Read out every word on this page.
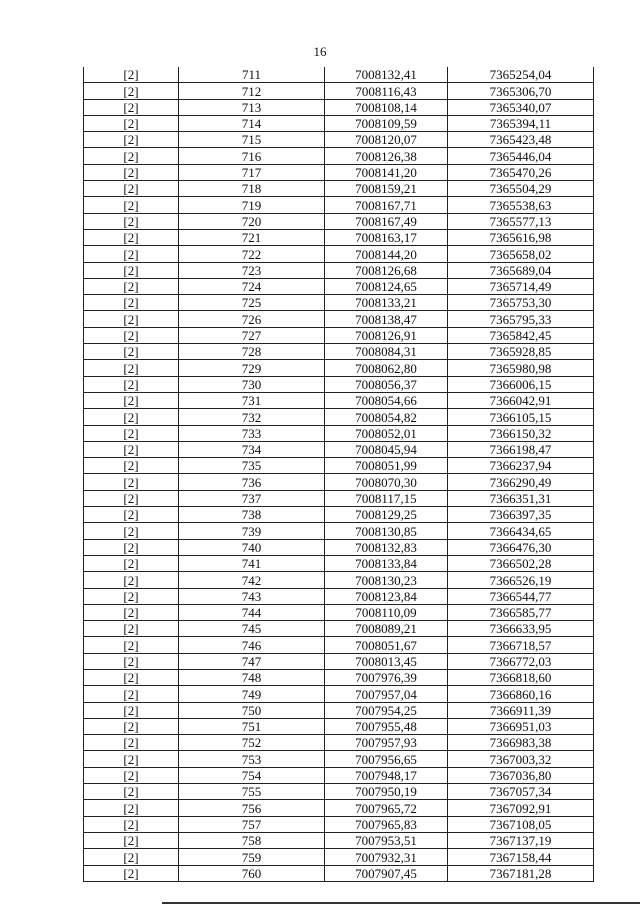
16
[2]	711	7008132,41	7365254,04
[2]	712	7008116,43	7365306,70
[2]	713	7008108,14	7365340,07
[2]	714	7008109,59	7365394,11
[2]	715	7008120,07	7365423,48
[2]	716	7008126,38	7365446,04
[2]	717	7008141,20	7365470,26
[2]	718	7008159,21	7365504,29
[2]	719	7008167,71	7365538,63
[2]	720	7008167,49	7365577,13
[2]	721	7008163,17	7365616,98
[2]	722	7008144,20	7365658,02
[2]	723	7008126,68	7365689,04
[2]	724	7008124,65	7365714,49
[2]	725	7008133,21	7365753,30
[2]	726	7008138,47	7365795,33
[2]	727	7008126,91	7365842,45
[2]	728	7008084,31	7365928,85
[2]	729	7008062,80	7365980,98
[2]	730	7008056,37	7366006,15
[2]	731	7008054,66	7366042,91
[2]	732	7008054,82	7366105,15
[2]	733	7008052,01	7366150,32
[2]	734	7008045,94	7366198,47
[2]	735	7008051,99	7366237,94
[2]	736	7008070,30	7366290,49
[2]	737	7008117,15	7366351,31
[2]	738	7008129,25	7366397,35
[2]	739	7008130,85	7366434,65
[2]	740	7008132,83	7366476,30
[2]	741	7008133,84	7366502,28
[2]	742	7008130,23	7366526,19
[2]	743	7008123,84	7366544,77
[2]	744	7008110,09	7366585,77
[2]	745	7008089,21	7366633,95
[2]	746	7008051,67	7366718,57
[2]	747	7008013,45	7366772,03
[2]	748	7007976,39	7366818,60
[2]	749	7007957,04	7366860,16
[2]	750	7007954,25	7366911,39
[2]	751	7007955,48	7366951,03
[2]	752	7007957,93	7366983,38
[2]	753	7007956,65	7367003,32
[2]	754	7007948,17	7367036,80
[2]	755	7007950,19	7367057,34
[2]	756	7007965,72	7367092,91
[2]	757	7007965,83	7367108,05
[2]	758	7007953,51	7367137,19
[2]	759	7007932,31	7367158,44
[2]	760	7007907,45	7367181,28
